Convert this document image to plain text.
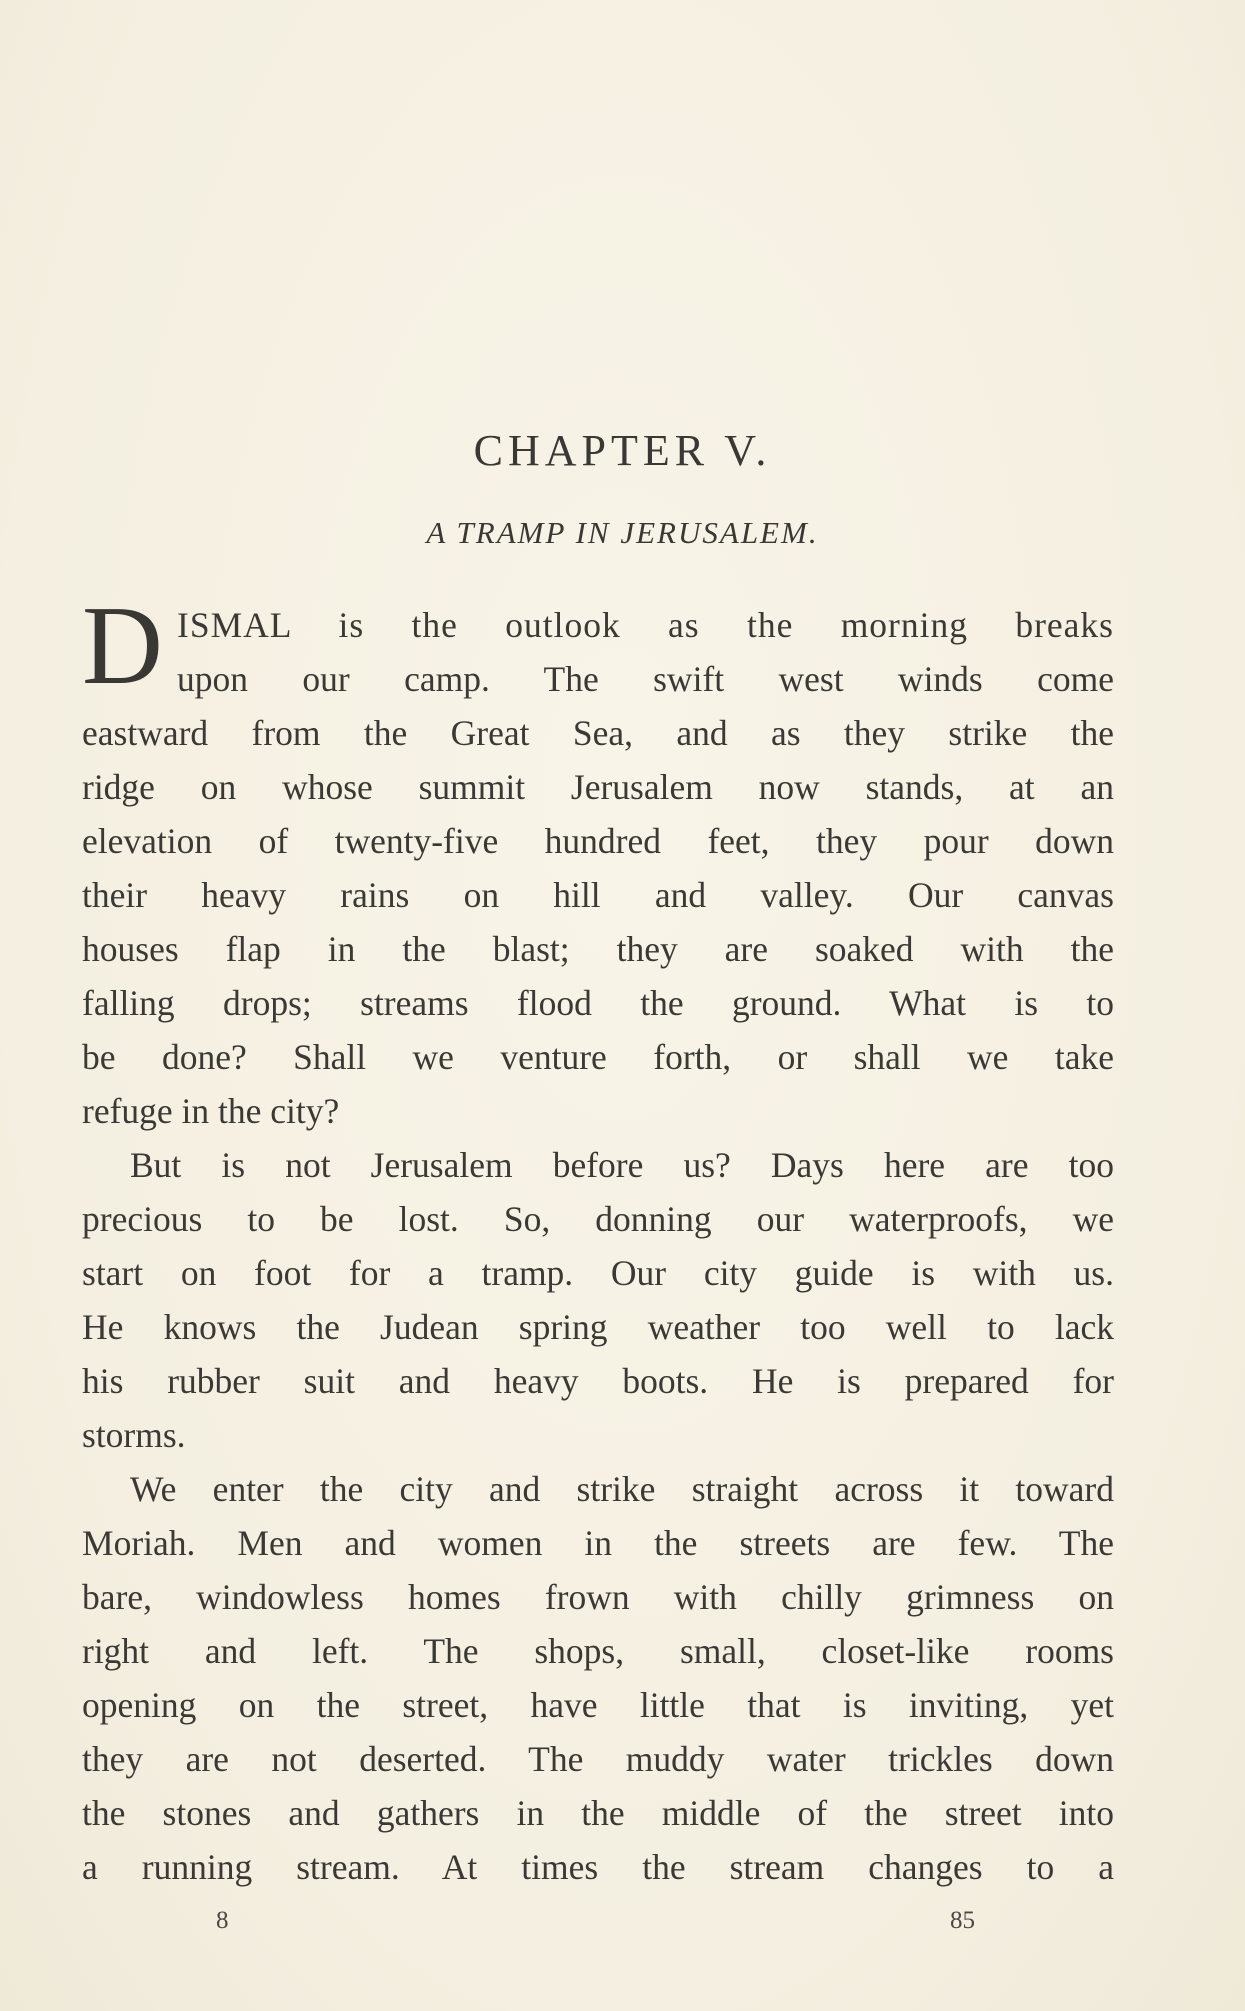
CHAPTER V.
A TRAMP IN JERUSALEM.
D ISMAL is the outlook as the morning breaks
upon our camp. The swift west winds come
eastward from the Great Sea, and as they strike the
ridge on whose summit Jerusalem now stands, at an
elevation of twenty-five hundred feet, they pour down
their heavy rains on hill and valley. Our canvas
houses flap in the blast; they are soaked with the
falling drops; streams flood the ground. What is to
be done? Shall we venture forth, or shall we take
refuge in the city?
But is not Jerusalem before us? Days here are too
precious to be lost. So, donning our waterproofs, we
start on foot for a tramp. Our city guide is with us.
He knows the Judean spring weather too well to lack
his rubber suit and heavy boots. He is prepared for
storms.
We enter the city and strike straight across it toward
Moriah. Men and women in the streets are few. The
bare, windowless homes frown with chilly grimness on
right and left. The shops, small, closet-like rooms
opening on the street, have little that is inviting, yet
they are not deserted. The muddy water trickles down
the stones and gathers in the middle of the street into
a running stream. At times the stream changes to a
8	85
